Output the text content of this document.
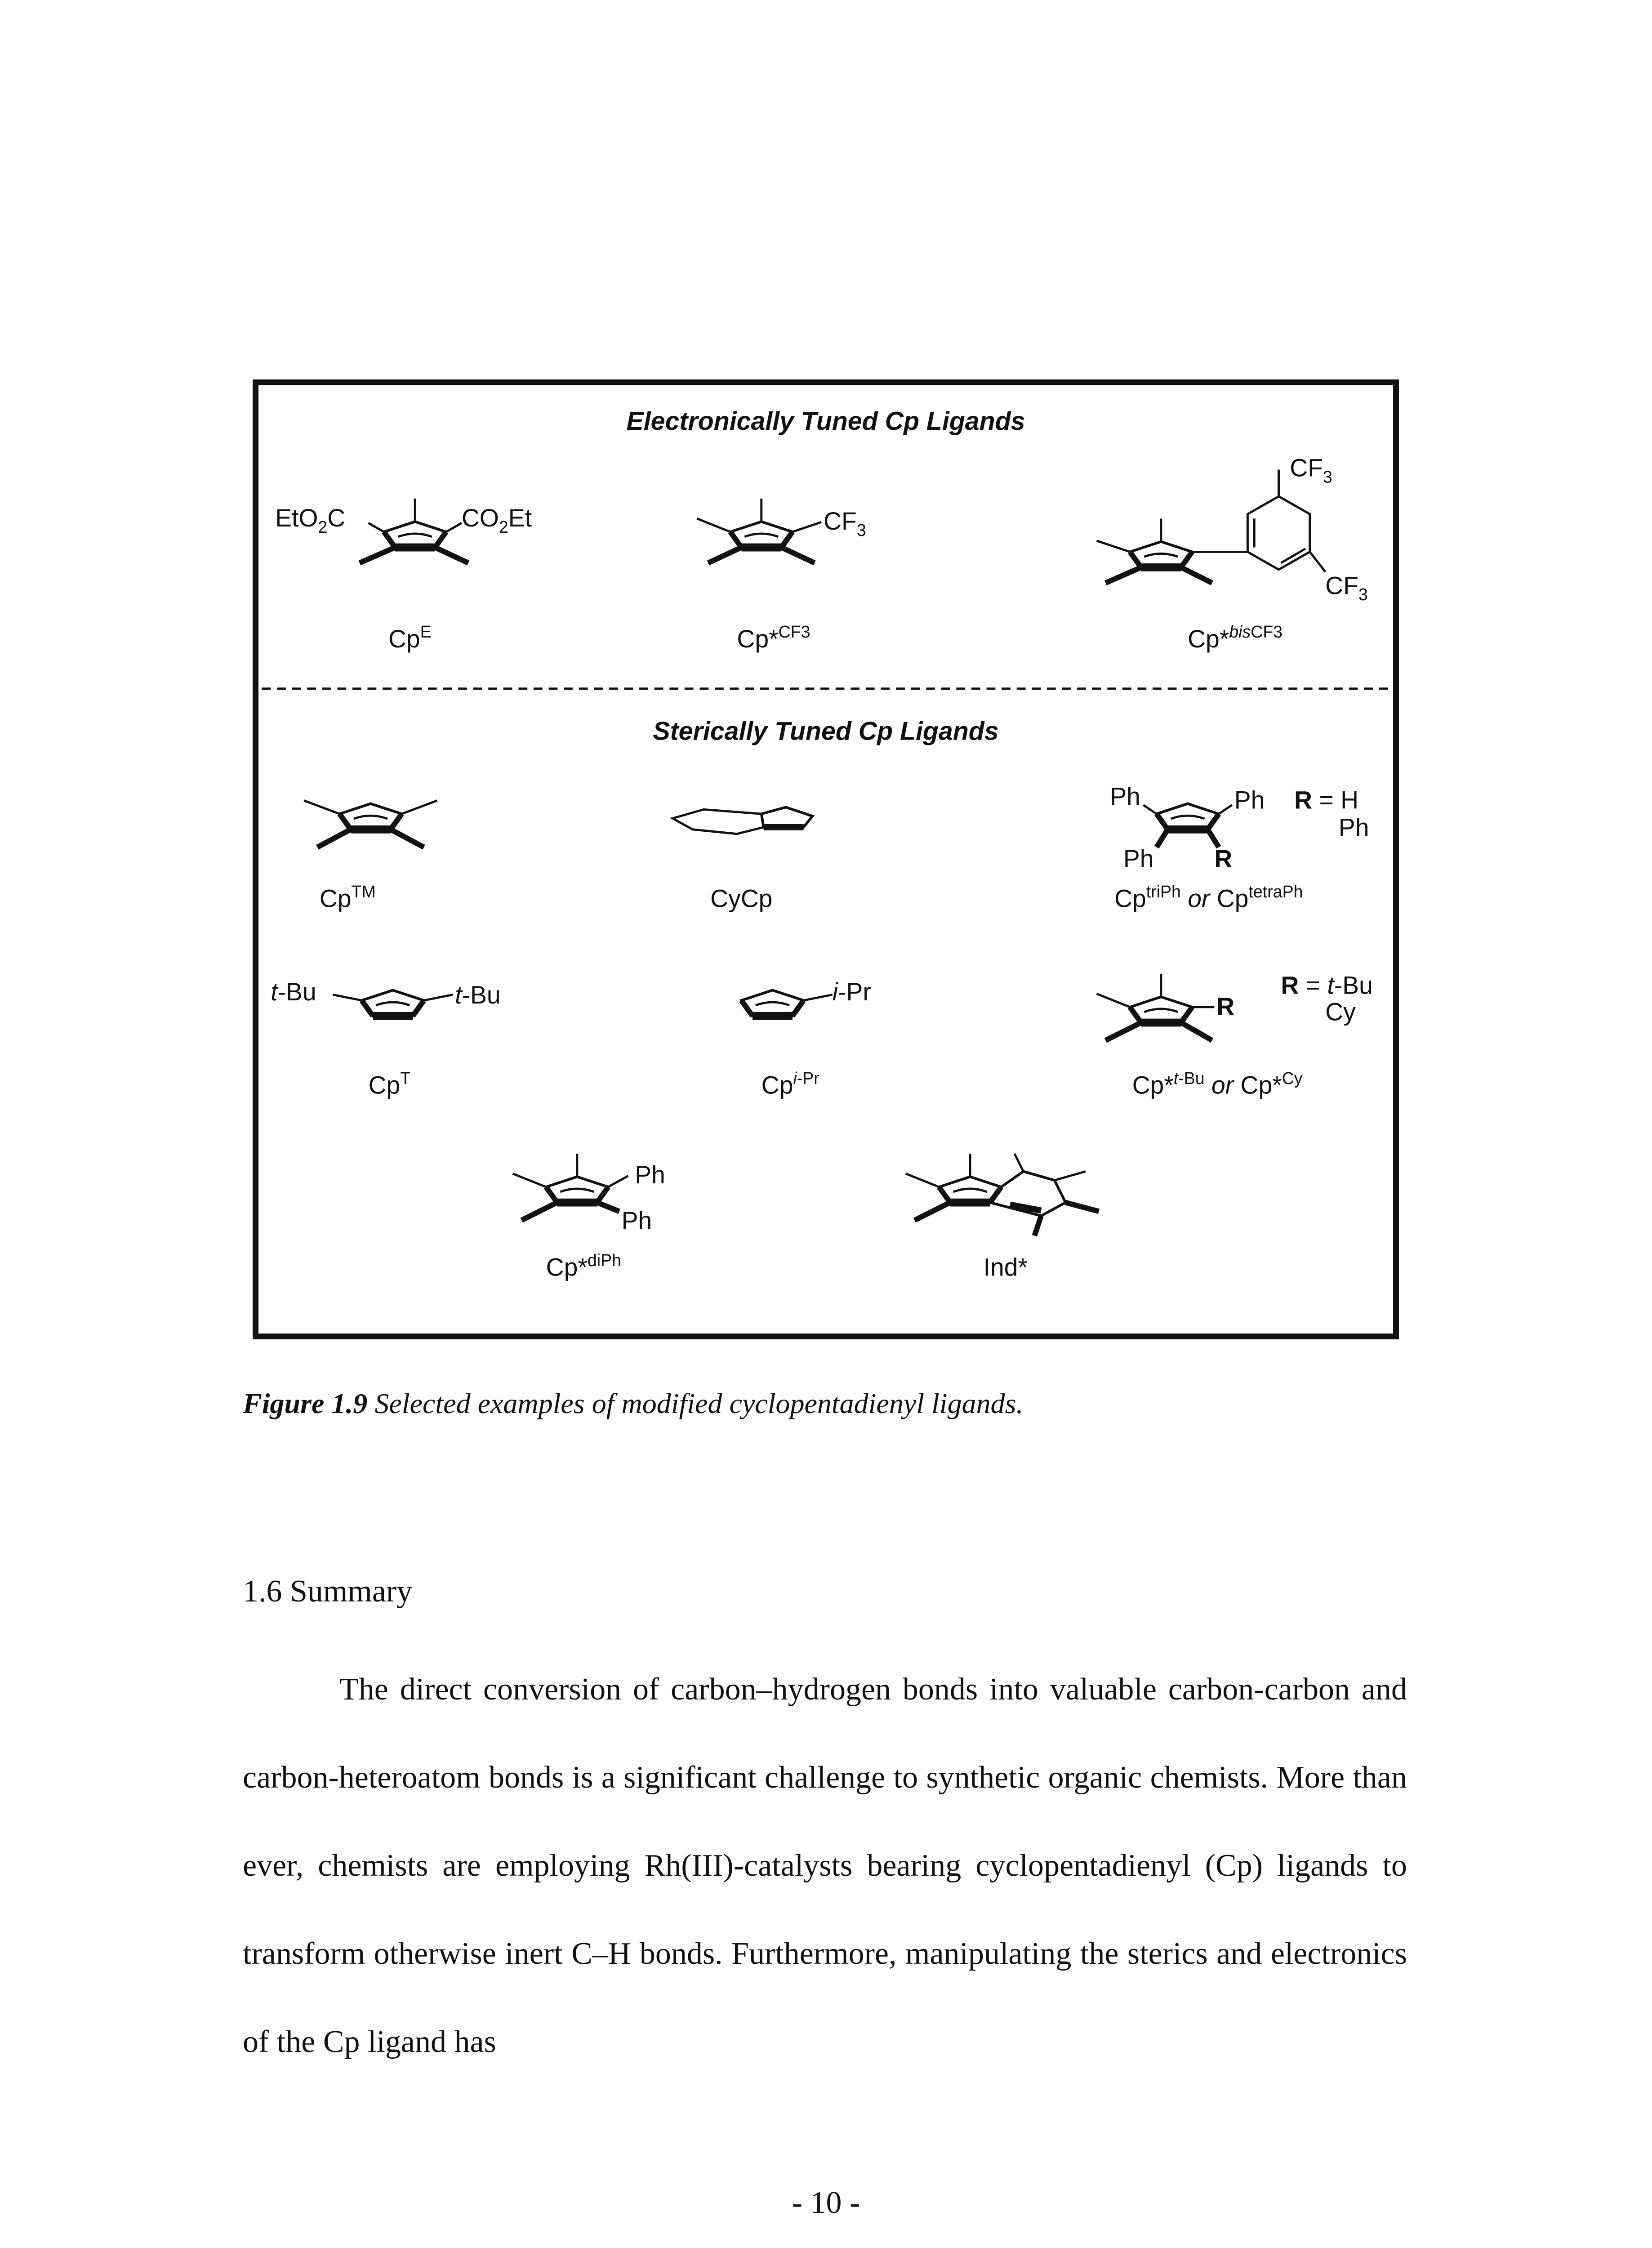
Electronically Tuned Cp Ligands
Sterically Tuned Cp Ligands
EtO$_2$C	$CO_2Et$
$Cp^E$
$CF_3$
Cp*$^{CF3}$
$CF_3$
$CF_3$
Cp*$^{bis}$CF3
Cp™	CyCp
Ph	Ph
Ph R
R = H
Ph
$Cp^{triPh}$ or $Cp^{tetraPh}$
t-Bu	t-Bu
$Cp^T$
i-Pr
Cp$^i$-Pr
R
R = t-Bu
Cy
Cp*$^t$-Bu or Cp*$^{Cy}$
Ph
Ph
Cp*$^{diPh}$	Ind*
Figure 1.9 Selected examples of modified cyclopentadienyl ligands.
1.6 Summary
The direct conversion of carbon–hydrogen bonds into valuable carbon-carbon and carbon-heteroatom bonds is a significant challenge to synthetic organic chemists. More than ever, chemists are employing Rh(III)-catalysts bearing cyclopentadienyl (Cp) ligands to transform otherwise inert C–H bonds. Furthermore, manipulating the sterics and electronics of the Cp ligand has
- 10 -
